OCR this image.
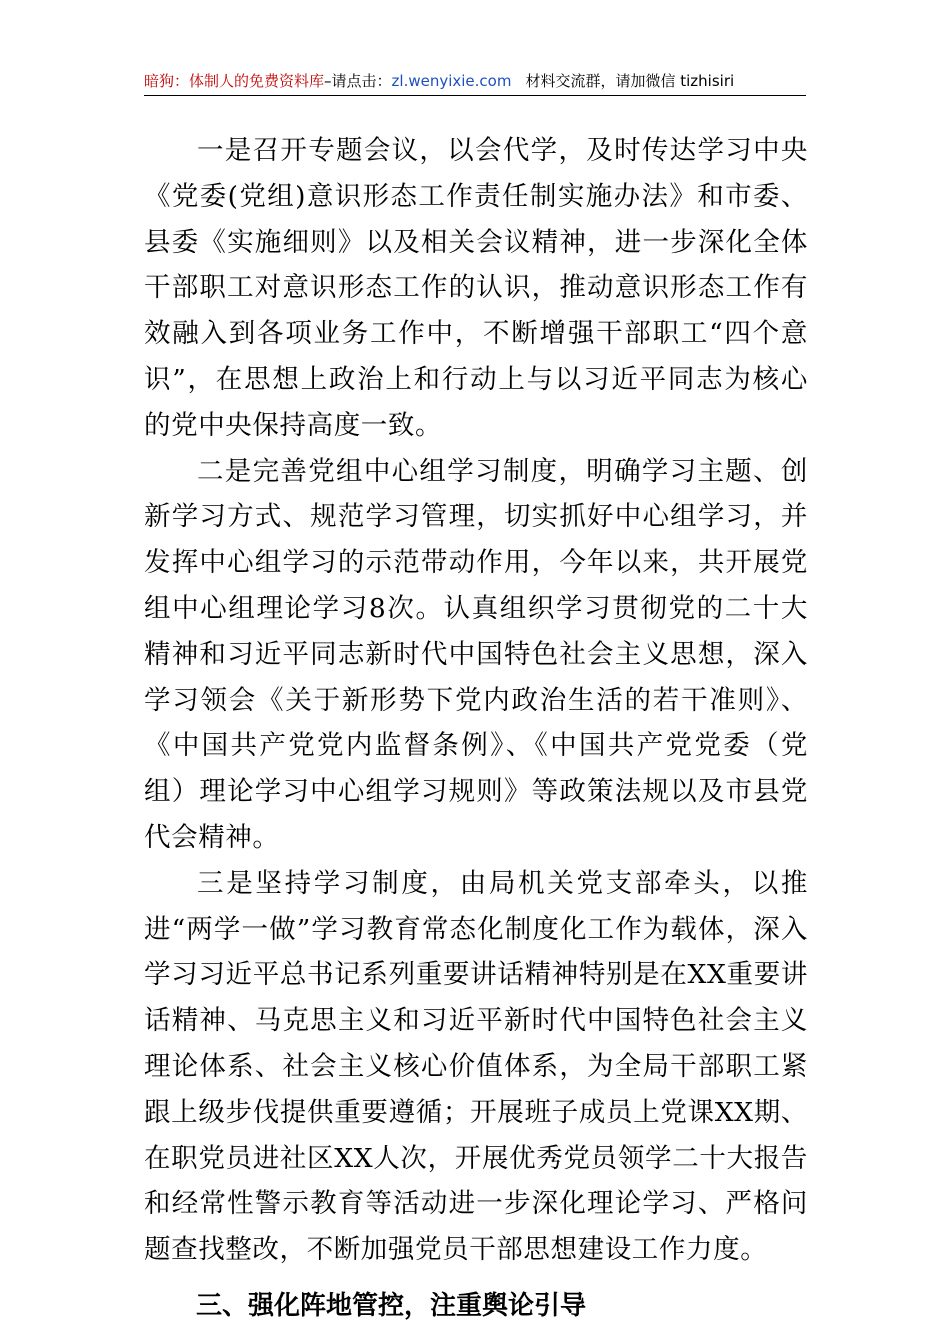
暗狗：体制人的免费资料库–请点击：zl.wenyixie.com 材料交流群，请加微信 tizhisiri

一是召开专题会议，以会代学，及时传达学习中央《党委(党组)意识形态工作责任制实施办法》和市委、县委《实施细则》以及相关会议精神，进一步深化全体干部职工对意识形态工作的认识，推动意识形态工作有效融入到各项业务工作中，不断增强干部职工“四个意识”，在思想上政治上和行动上与以习近平同志为核心的党中央保持高度一致。

二是完善党组中心组学习制度，明确学习主题、创新学习方式、规范学习管理，切实抓好中心组学习，并发挥中心组学习的示范带动作用，今年以来，共开展党组中心组理论学习8次。认真组织学习贯彻党的二十大精神和习近平同志新时代中国特色社会主义思想，深入学习领会《关于新形势下党内政治生活的若干准则》、《中国共产党党内监督条例》、《中国共产党党委（党组）理论学习中心组学习规则》等政策法规以及市县党代会精神。

三是坚持学习制度，由局机关党支部牵头，以推进“两学一做”学习教育常态化制度化工作为载体，深入学习习近平总书记系列重要讲话精神特别是在XX重要讲话精神、马克思主义和习近平新时代中国特色社会主义理论体系、社会主义核心价值体系，为全局干部职工紧跟上级步伐提供重要遵循；开展班子成员上党课XX期、在职党员进社区XX人次，开展优秀党员领学二十大报告和经常性警示教育等活动进一步深化理论学习、严格问题查找整改，不断加强党员干部思想建设工作力度。

三、强化阵地管控，注重舆论引导
